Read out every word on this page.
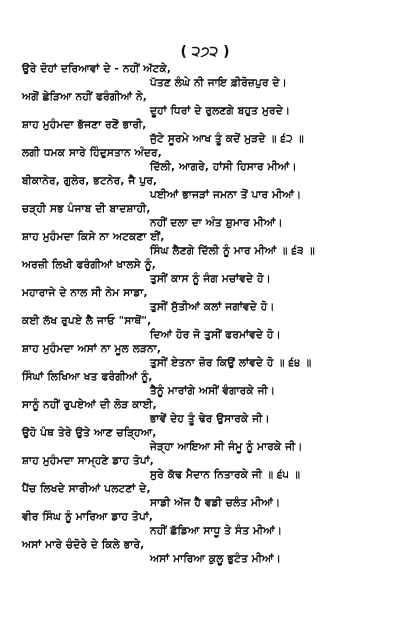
( ੨੭੨ )
ਉਰੇ ਦੋਹਾਂ ਦਰਿਆਵਾਂ ਦੇ - ਨਹੀਂ ਅੱਟਕੇ,
ਪੱਤਣ ਲੰਘੇ ਨੀ ਜਾਇ ਫ਼ੀਰੋਜ਼ਪੁਰ ਦੇ।
ਅਗੋਂ ਛੇੜਿਆ ਨਹੀਂ ਫਰੰਗੀਆਂ ਨੇ,
ਦੂਹਾਂ ਧਿਰਾਂ ਦੇ ਰੁਲਣਗੇ ਬਹੁਤ ਮੁਰਦੇ।
ਸ਼ਾਹ ਮੁਹੰਮਦਾ ਭੱਜਣਾ ਰਣੋਂ ਭਾਰੀ,
ਜੁੱਟੇ ਸੂਰਮੇ ਆਖ ਤੂੰ ਕਦੋਂ ਮੁੜਦੇ ॥ ੬੨ ॥
ਲਗੀ ਧਮਕ ਸਾਰੇ ਹਿੰਦੁਸਤਾਨ ਅੰਦਰ,
ਦਿੱਲੀ, ਆਗਰੇ, ਹਾਂਸੀ ਹਿਸਾਰ ਮੀਆਂ।
ਬੀਕਾਨੇਰ, ਗੁਲੇਰ, ਭਟਨੇਰ, ਜੈ ਪੁਰ,
ਪਈਆਂ ਭਾਜੜਾਂ ਜਮਨਾ ਤੋਂ ਪਾਰ ਮੀਆਂ।
ਚੜ੍ਹੀ ਸਭ ਪੰਜਾਬ ਦੀ ਬਾਦਸ਼ਾਹੀ,
ਨਹੀਂ ਦਲਾ ਦਾ ਅੰਤ ਸ਼ੁਮਾਰ ਮੀਆਂ।
ਸ਼ਾਹ ਮੁਹੰਮਦਾ ਕਿਸੇ ਨਾ ਅਟਕਣਾ ਈਂ,
ਸਿੰਘ ਲੈਣਗੇ ਦਿੱਲੀ ਨੂੰ ਮਾਰ ਮੀਆਂ ॥ ੬੩ ॥
ਅਰਜ਼ੀ ਲਿਖੀ ਫਰੰਗੀਆਂ ਖਾਲਸੇ ਨੂੰ,
ਤੁਸੀਂ ਕਾਸ ਨੂੰ ਜੰਗ ਮਚਾਂਵਦੇ ਹੋ।
ਮਹਾਰਾਜੇ ਦੇ ਨਾਲ ਸੀ ਨੇਮ ਸਾਡਾ,
ਤੁਸੀਂ ਸੁੱਤੀਆਂ ਕਲਾਂ ਜਗਾਂਵਦੇ ਹੋ।
ਕਈ ਲੱਖ ਰੁਪਏ ਲੈ ਜਾਓ "ਸਾਥੋਂ",
ਦਿਆਂ ਹੋਰ ਜੋ ਤੁਸੀਂ ਫਰਮਾਂਵਦੇ ਹੋ।
ਸ਼ਾਹ ਮੁਹੰਮਦਾ ਅਸਾਂ ਨਾ ਮੂਲ ਲੜਨਾ,
ਤੁਸੀਂ ਏਤਨਾ ਜ਼ੋਰ ਕਿਉਂ ਲਾਂਵਦੇ ਹੋ ॥ ੬੪ ॥
ਸਿੰਘਾਂ ਲਿਖਿਆ ਖਤ ਫਰੰਗੀਆਂ ਨੂੰ,
ਤੈਨੂੰ ਮਾਰਾਂਗੇ ਅਸੀਂ ਵੰਗਾਰਕੇ ਜੀ।
ਸਾਨੂੰ ਨਹੀਂ ਰੁਪਏਆਂ ਦੀ ਲੋੜ ਕਾਈ,
ਭਾਵੇਂ ਦੇਹ ਤੂੰ ਢੇਰ ਉਸਾਰਕੇ ਜੀ।
ਉਹੋ ਪੰਥ ਤੇਰੇ ਉਤੇ ਆਣ ਚੜ੍ਹਿਆ,
ਜੇੜ੍ਹਾ ਆਇਆ ਸੀ ਜੰਮੂ ਨੂੰ ਮਾਰਕੇ ਜੀ।
ਸ਼ਾਹ ਮੁਹੰਮਦਾ ਸਾਮ੍ਹਣੇ ਡਾਹ ਤੋਪਾਂ,
ਸੁਰੇ ਕੱਢ ਮੈਦਾਨ ਨਿਤਾਰਕੇ ਜੀ ॥ ੬੫ ॥
ਪੈਂਚ ਲਿਖਦੇ ਸਾਰੀਆਂ ਪਲਟਣਾਂ ਦੇ,
ਸਾਡੀ ਅੱਜ ਹੈ ਵਡੀ ਚਲੰਤ ਮੀਆਂ।
ਵੀਰ ਸਿੰਘ ਨੂੰ ਮਾਰਿਆ ਡਾਹ ਤੋਪਾਂ,
ਨਹੀਂ ਛੱਡਿਆ ਸਾਧੂ ਤੇ ਸੰਤ ਮੀਆਂ।
ਅਸਾਂ ਮਾਰੇ ਚੰਦੋਰੇ ਦੇ ਕਿਲੇ ਭਾਰੇ,
ਅਸਾਂ ਮਾਰਿਆ ਕੁਲੂ ਭੁਟੰਤ ਮੀਆਂ।
